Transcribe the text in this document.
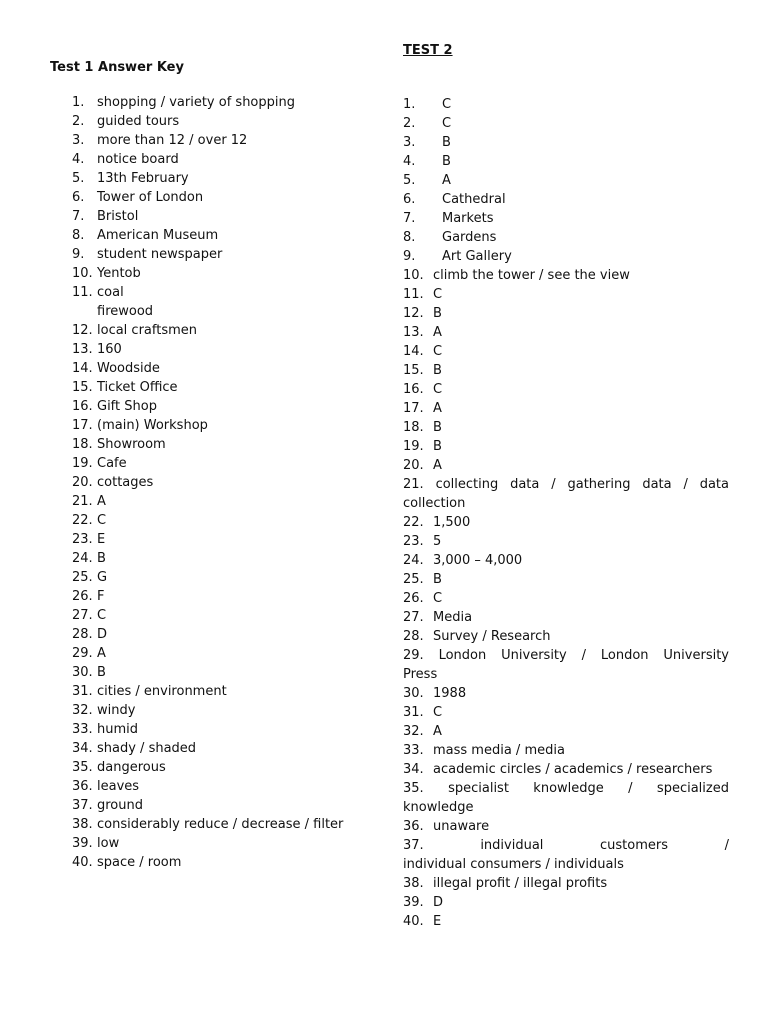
Test 1 Answer Key
1. shopping / variety of shopping
2. guided tours
3. more than 12 / over 12
4. notice board
5. 13th February
6. Tower of London
7. Bristol
8. American Museum
9. student newspaper
10. Yentob
11. coal
firewood
12. local craftsmen
13. 160
14. Woodside
15. Ticket Office
16. Gift Shop
17. (main) Workshop
18. Showroom
19. Cafe
20. cottages
21. A
22. C
23. E
24. B
25. G
26. F
27. C
28. D
29. A
30. B
31. cities / environment
32. windy
33. humid
34. shady / shaded
35. dangerous
36. leaves
37. ground
38. considerably reduce / decrease / filter
39. low
40. space / room
TEST 2
1. C
2. C
3. B
4. B
5. A
6. Cathedral
7. Markets
8. Gardens
9. Art Gallery
10. climb the tower / see the view
11. C
12. B
13. A
14. C
15. B
16. C
17. A
18. B
19. B
20. A
21. collecting data / gathering data / data
collection
22. 1,500
23. 5
24. 3,000 – 4,000
25. B
26. C
27. Media
28. Survey / Research
29. London University / London University
Press
30. 1988
31. C
32. A
33. mass media / media
34. academic circles / academics / researchers
35. specialist knowledge / specialized
knowledge
36. unaware
37.	individual customers /
individual consumers / individuals
38. illegal profit / illegal profits
39. D
40. E
